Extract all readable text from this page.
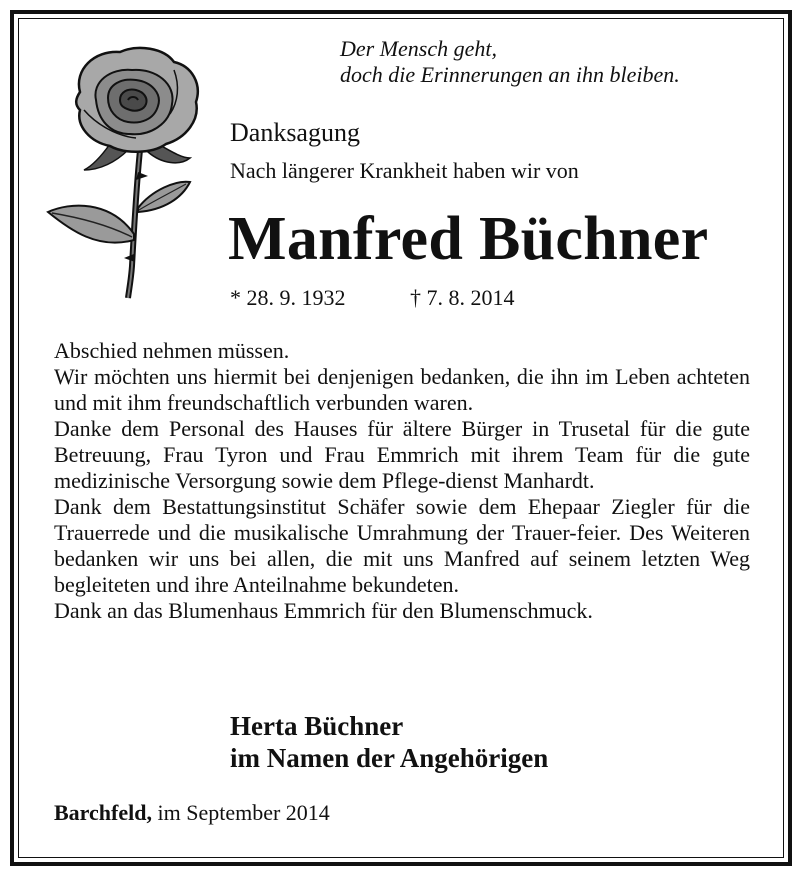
Der Mensch geht,
doch die Erinnerungen an ihn bleiben.
Danksagung
Nach längerer Krankheit haben wir von
Manfred Büchner
* 28. 9. 1932	† 7. 8. 2014

Abschied nehmen müssen.

Wir möchten uns hiermit bei denjenigen bedanken, die ihn im Leben achteten und mit ihm freundschaftlich verbunden waren.

Danke dem Personal des Hauses für ältere Bürger in Trusetal für die gute Betreuung, Frau Tyron und Frau Emmrich mit ihrem Team für die gute medizinische Versorgung sowie dem Pflege-dienst Manhardt.

Dank dem Bestattungsinstitut Schäfer sowie dem Ehepaar Ziegler für die Trauerrede und die musikalische Umrahmung der Trauer-feier. Des Weiteren bedanken wir uns bei allen, die mit uns Manfred auf seinem letzten Weg begleiteten und ihre Anteilnahme bekundeten.

Dank an das Blumenhaus Emmrich für den Blumenschmuck.

Herta Büchner
im Namen der Angehörigen
Barchfeld, im September 2014
